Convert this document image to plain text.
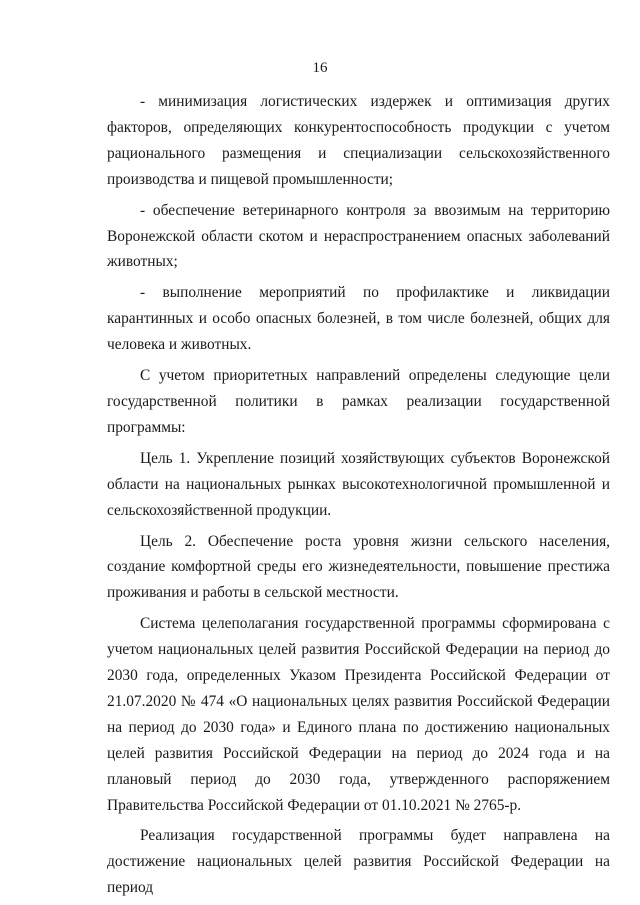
16

- минимизация логистических издержек и оптимизация других факторов, определяющих конкурентоспособность продукции с учетом рационального размещения и специализации сельскохозяйственного производства и пищевой промышленности;

- обеспечение ветеринарного контроля за ввозимым на территорию Воронежской области скотом и нераспространением опасных заболеваний животных;

- выполнение мероприятий по профилактике и ликвидации карантинных и особо опасных болезней, в том числе болезней, общих для человека и животных.

С учетом приоритетных направлений определены следующие цели государственной политики в рамках реализации государственной программы:

Цель 1. Укрепление позиций хозяйствующих субъектов Воронежской области на национальных рынках высокотехнологичной промышленной и сельскохозяйственной продукции.

Цель 2. Обеспечение роста уровня жизни сельского населения, создание комфортной среды его жизнедеятельности, повышение престижа проживания и работы в сельской местности.

Система целеполагания государственной программы сформирована с учетом национальных целей развития Российской Федерации на период до 2030 года, определенных Указом Президента Российской Федерации от 21.07.2020 № 474 «О национальных целях развития Российской Федерации на период до 2030 года» и Единого плана по достижению национальных целей развития Российской Федерации на период до 2024 года и на плановый период до 2030 года, утвержденного распоряжением Правительства Российской Федерации от 01.10.2021 № 2765-р.

Реализация государственной программы будет направлена на достижение национальных целей развития Российской Федерации на период
